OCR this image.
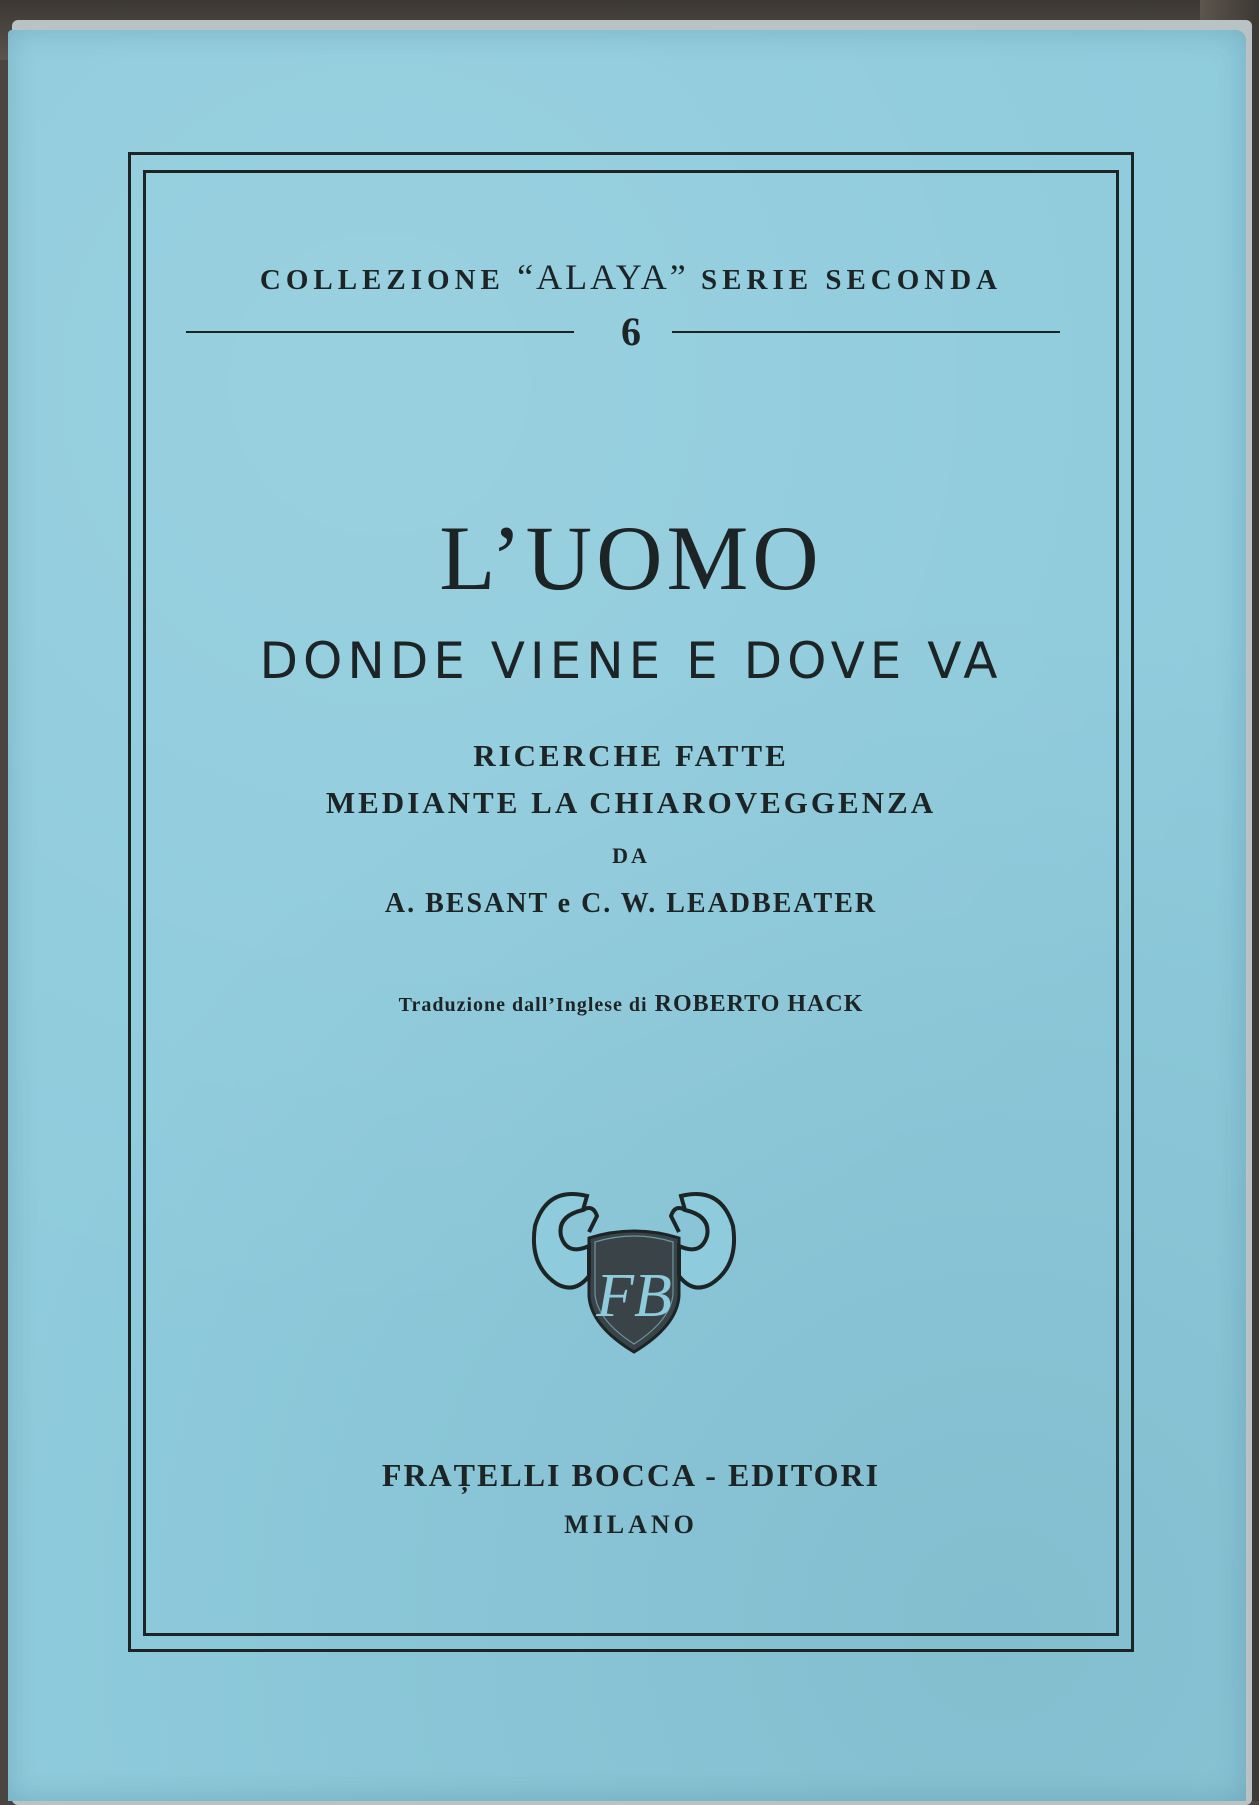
COLLEZIONE “ALAYA” SERIE SECONDA
6
L’UOMO
DONDE VIENE E DOVE VA
RICERCHE FATTE
MEDIANTE LA CHIAROVEGGENZA
DA
A. BESANT e C. W. LEADBEATER
Traduzione dall’Inglese di ROBERTO HACK
FB
FRAȚELLI BOCCA - EDITORI
MILANO
